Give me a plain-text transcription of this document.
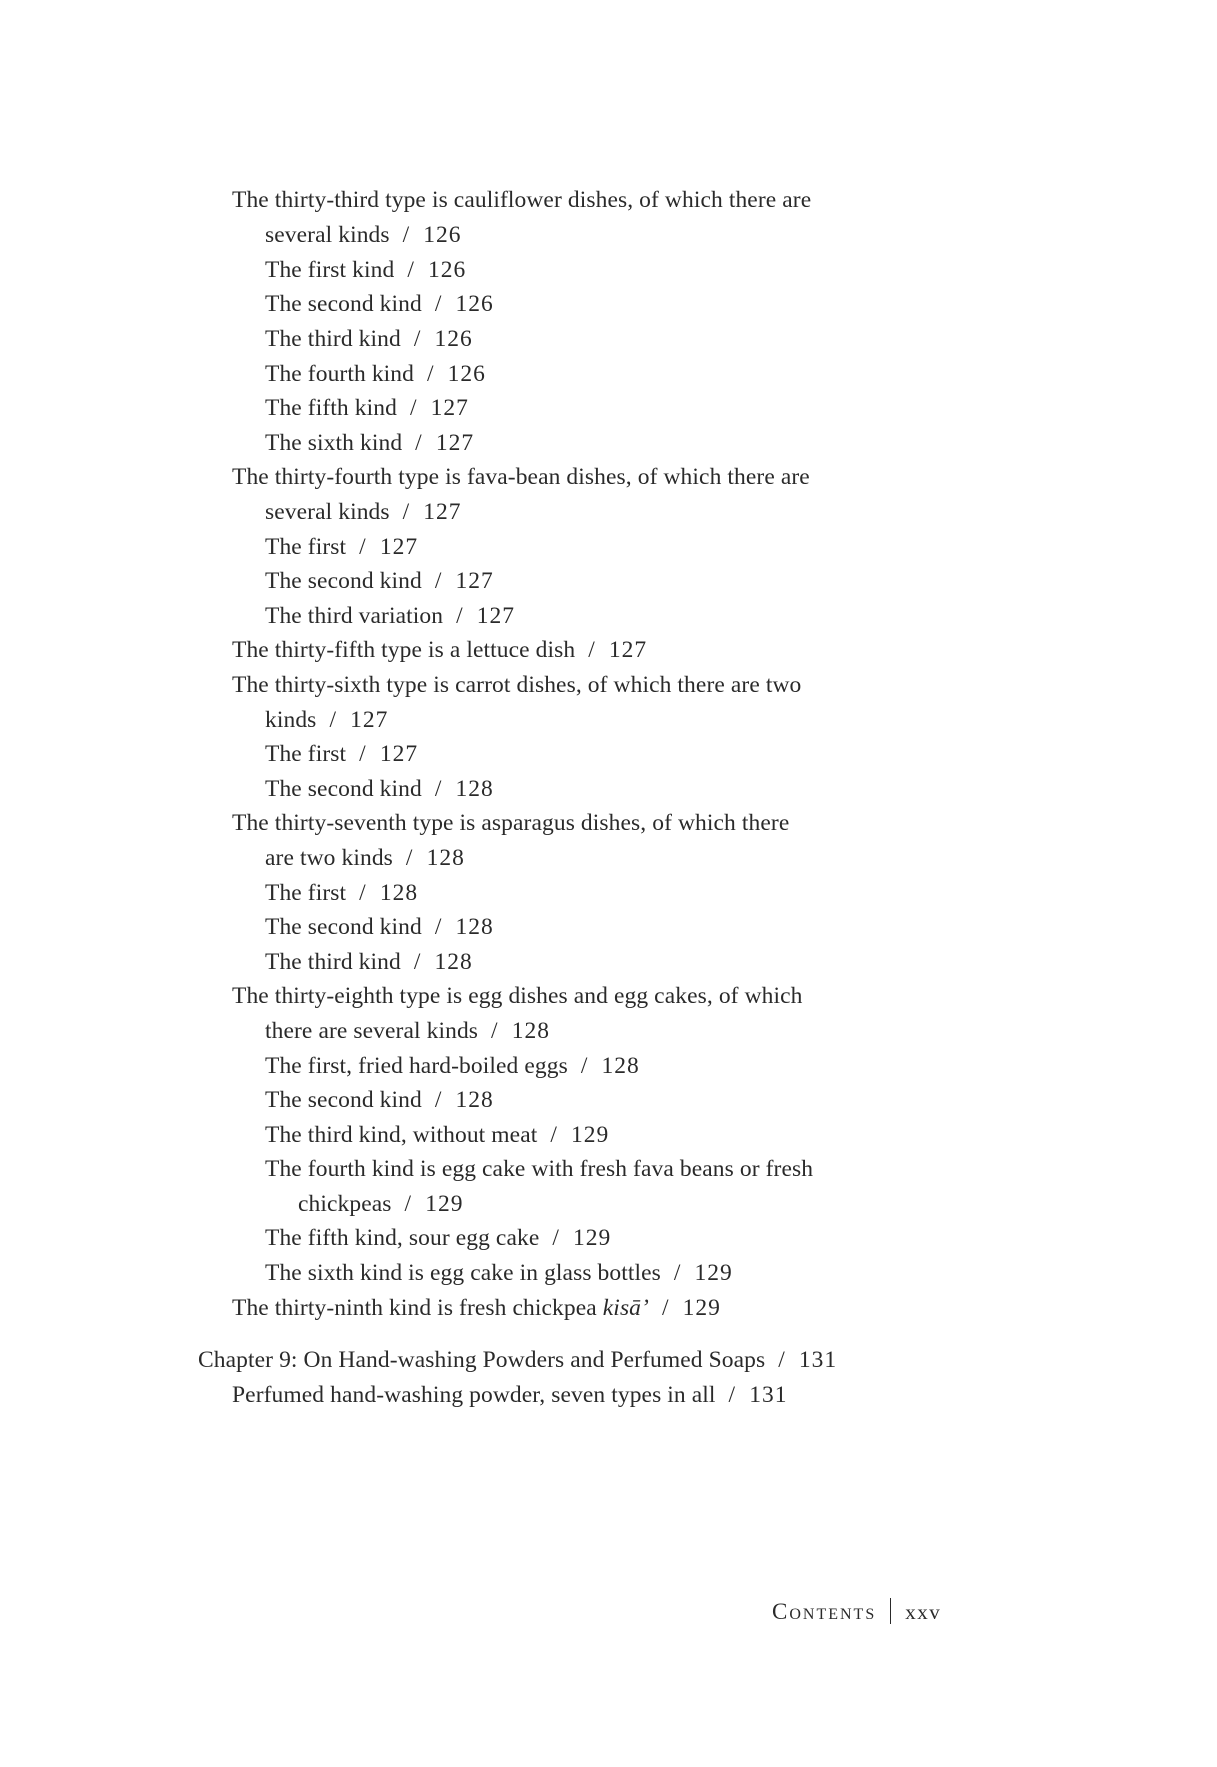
The thirty-third type is cauliflower dishes, of which there are
several kinds / 126
The first kind / 126
The second kind / 126
The third kind / 126
The fourth kind / 126
The fifth kind / 127
The sixth kind / 127
The thirty-fourth type is fava-bean dishes, of which there are
several kinds / 127
The first / 127
The second kind / 127
The third variation / 127
The thirty-fifth type is a lettuce dish / 127
The thirty-sixth type is carrot dishes, of which there are two
kinds / 127
The first / 127
The second kind / 128
The thirty-seventh type is asparagus dishes, of which there
are two kinds / 128
The first / 128
The second kind / 128
The third kind / 128
The thirty-eighth type is egg dishes and egg cakes, of which
there are several kinds / 128
The first, fried hard-boiled eggs / 128
The second kind / 128
The third kind, without meat / 129
The fourth kind is egg cake with fresh fava beans or fresh
chickpeas / 129
The fifth kind, sour egg cake / 129
The sixth kind is egg cake in glass bottles / 129
The thirty-ninth kind is fresh chickpea kisā’ / 129
Chapter 9: On Hand-washing Powders and Perfumed Soaps / 131
Perfumed hand-washing powder, seven types in all / 131
Contents xxv
